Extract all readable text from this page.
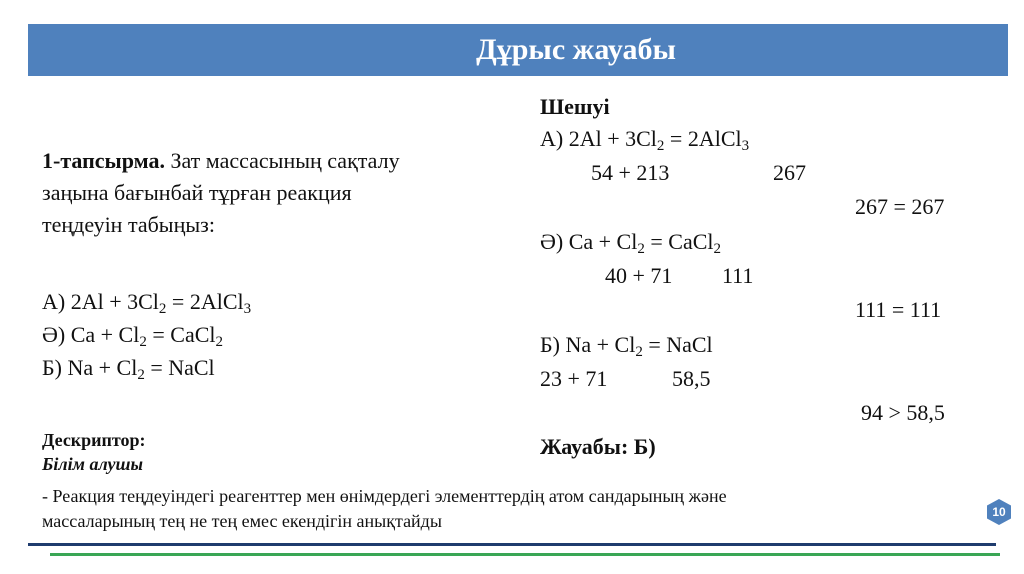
Дұрыс жауабы
1-тапсырма. Зат массасының сақталу
заңына бағынбай тұрған реакция
теңдеуін табыңыз:
А) $2Al + 3Cl_2$ = 2AlCl$_3$
Ә) $Ca + Cl_2$ = CaCl$_2$
Б) $Na + Cl_2$ = NaCl
Дескриптор:
Білім алушы
- Реакция теңдеуіндегі реагенттер мен өнімдердегі элементтердің атом сандарының және
массаларының тең не тең емес екендігін анықтайды
Шешуі
А) $2Al + 3Cl_2$ = 2AlCl$_3$
54 + 213	267
267 = 267
Ә) $Ca + Cl_2$ = CaCl$_2$
40 + 71 111
111 = 111
Б) $Na + Cl_2$ = NaCl
23 + 71	58,5
94 > 58,5
Жауабы: Б)
10
